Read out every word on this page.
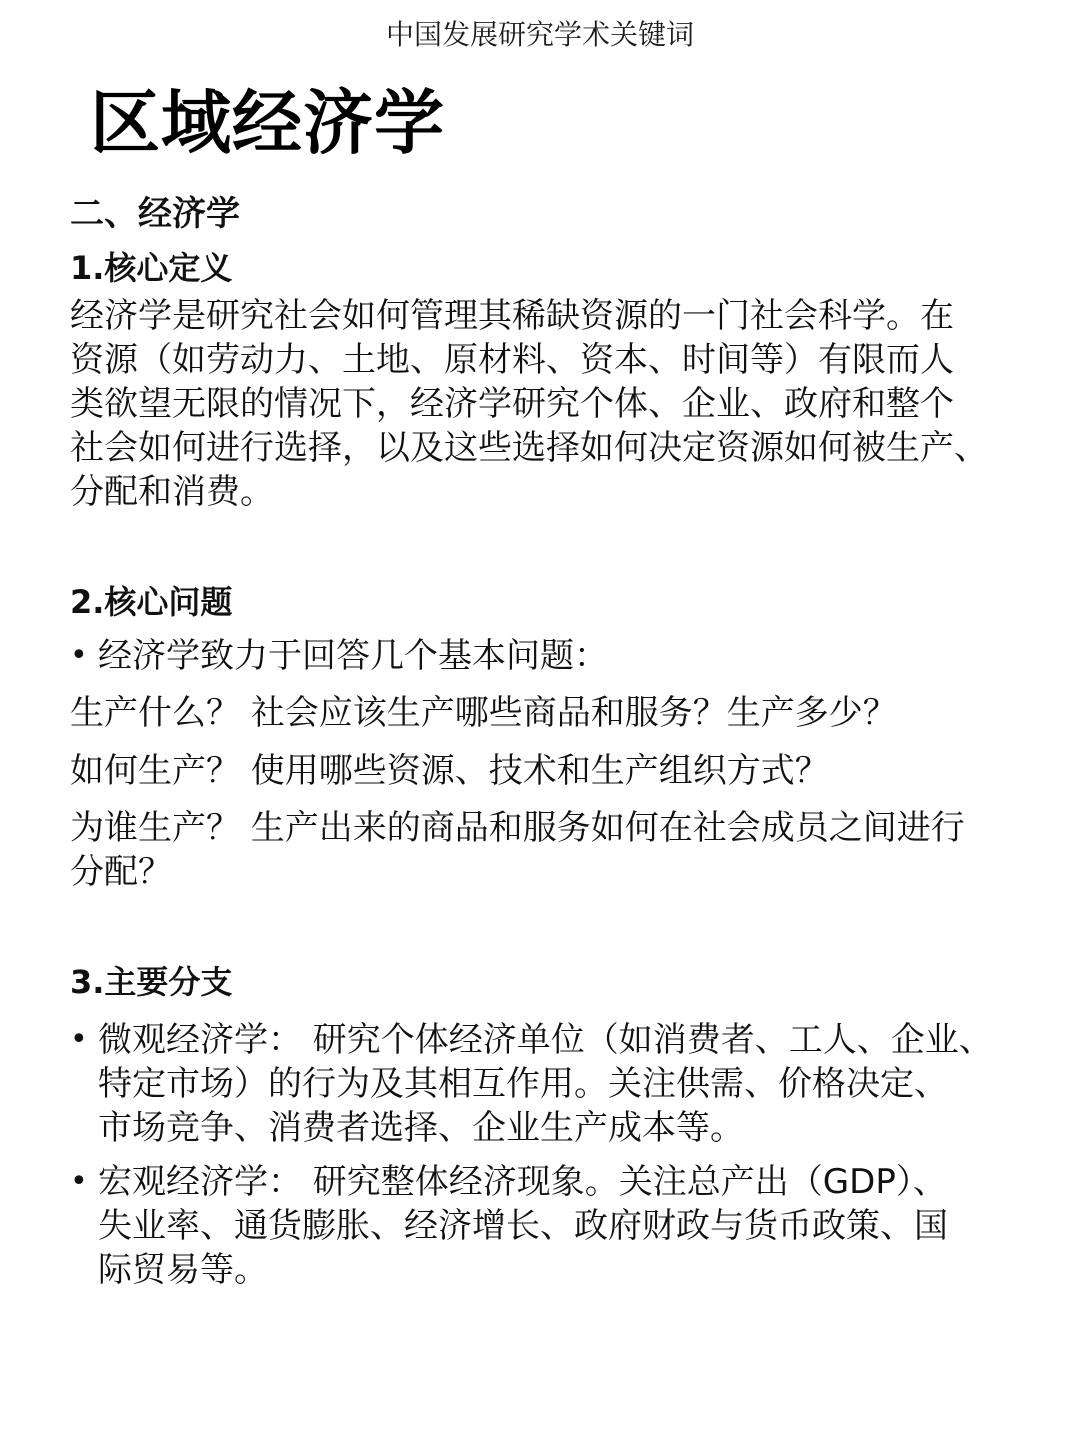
中国发展研究学术关键词
区域经济学
二、经济学
1.核心定义

经济学是研究社会如何管理其稀缺资源的一门社会科学。在

资源（如劳动力、土地、原材料、资本、时间等）有限而人

类欲望无限的情况下，经济学研究个体、企业、政府和整个

社会如何进行选择，以及这些选择如何决定资源如何被生产、

分配和消费。

2.核心问题
• 经济学致力于回答几个基本问题：

生产什么？ 社会应该生产哪些商品和服务？生产多少？

如何生产？ 使用哪些资源、技术和生产组织方式？

为谁生产？ 生产出来的商品和服务如何在社会成员之间进行
分配？
3.主要分支
• 微观经济学： 研究个体经济单位（如消费者、工人、企业、
特定市场）的行为及其相互作用。关注供需、价格决定、
市场竞争、消费者选择、企业生产成本等。
• 宏观经济学： 研究整体经济现象。关注总产出（GDP）、
失业率、通货膨胀、经济增长、政府财政与货币政策、国
际贸易等。
